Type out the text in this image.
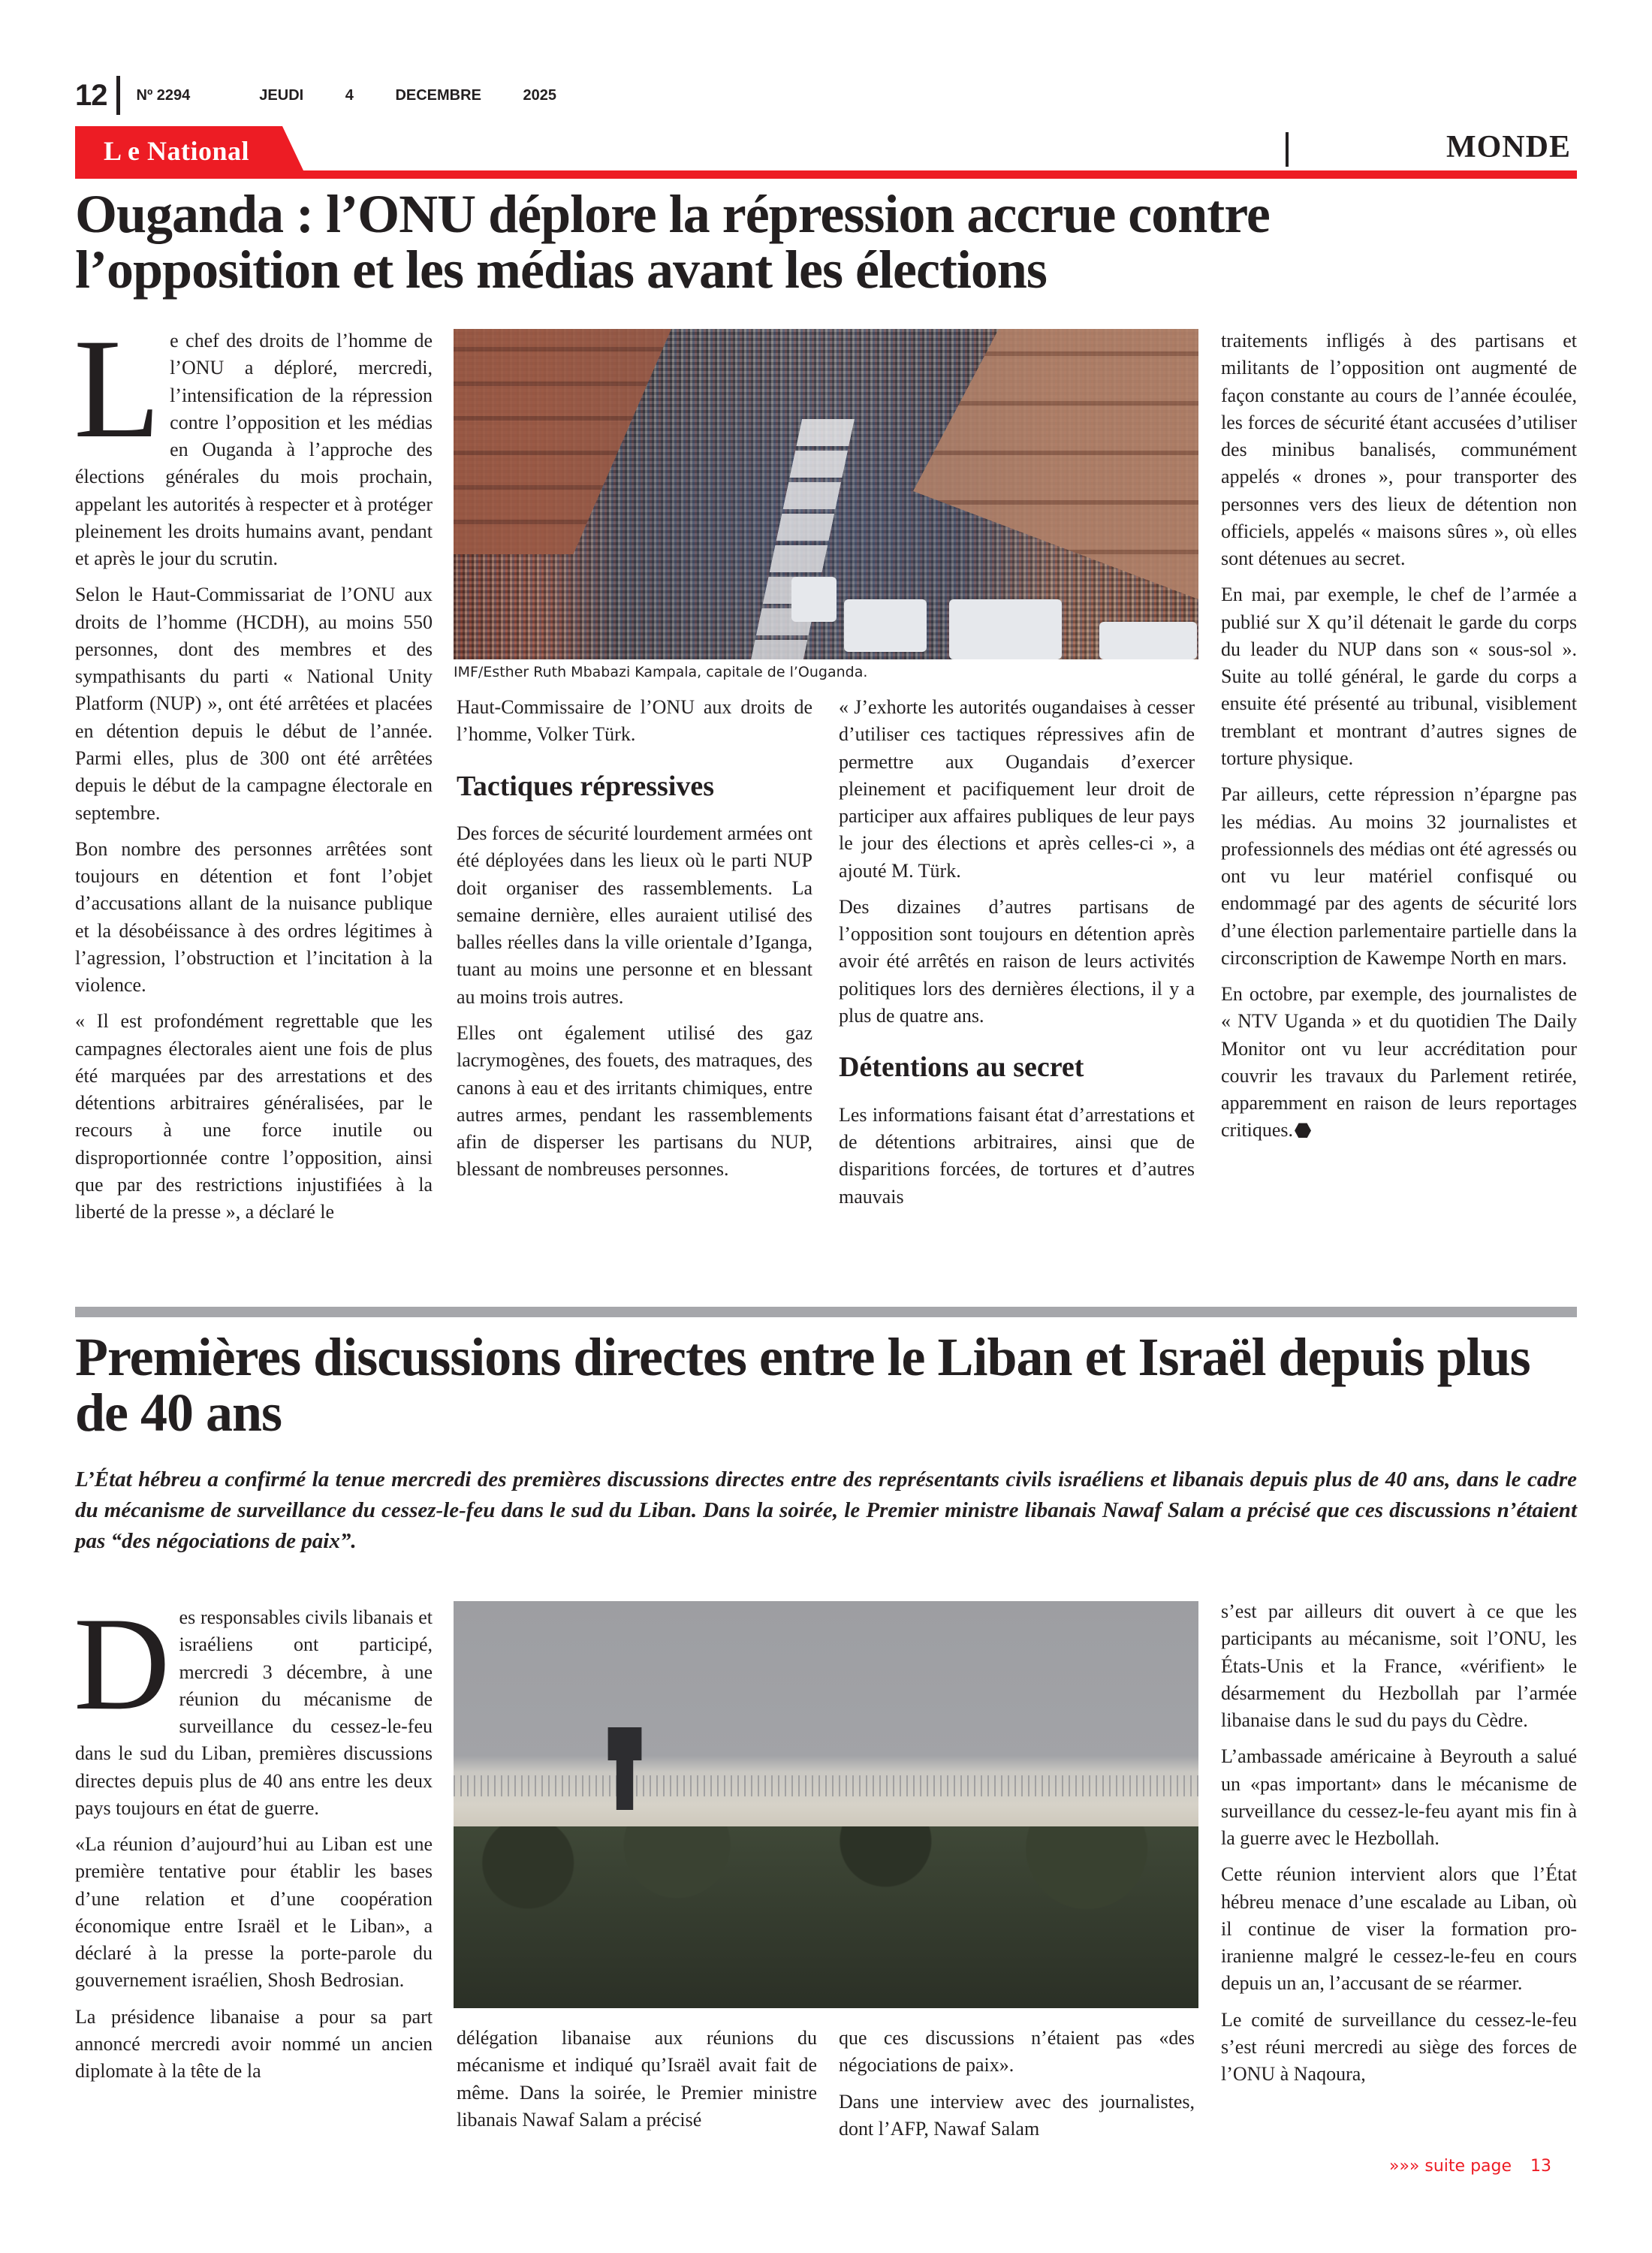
12 Nº 2294	JEUDI	4	DECEMBRE	2025
L e National	MONDE
Ouganda : l’ONU déplore la répression accrue contre l’opposition et les médias avant les élections

Le chef des droits de l’homme de l’ONU a déploré, mercredi, l’intensification de la répression contre l’opposition et les médias en Ouganda à l’approche des élections générales du mois prochain, appelant les autorités à respecter et à protéger pleinement les droits humains avant, pendant et après le jour du scrutin.

Selon le Haut-Commissariat de l’ONU aux droits de l’homme (HCDH), au moins 550 personnes, dont des membres et des sympathisants du parti « National Unity Platform (NUP) », ont été arrêtées et placées en détention depuis le début de l’année. Parmi elles, plus de 300 ont été arrêtées depuis le début de la campagne électorale en septembre.

Bon nombre des personnes arrêtées sont toujours en détention et font l’objet d’accusations allant de la nuisance publique et la désobéissance à des ordres légitimes à l’agression, l’obstruction et l’incitation à la violence.

« Il est profondément regrettable que les campagnes électorales aient une fois de plus été marquées par des arrestations et des détentions arbitraires généralisées, par le recours à une force inutile ou disproportionnée contre l’opposition, ainsi que par des restrictions injustifiées à la liberté de la presse », a déclaré le

IMF/Esther Ruth Mbabazi Kampala, capitale de l’Ouganda.

Haut-Commissaire de l’ONU aux droits de l’homme, Volker Türk.

Tactiques répressives

Des forces de sécurité lourdement armées ont été déployées dans les lieux où le parti NUP doit organiser des rassemblements. La semaine dernière, elles auraient utilisé des balles réelles dans la ville orientale d’Iganga, tuant au moins une personne et en blessant au moins trois autres.

Elles ont également utilisé des gaz lacrymogènes, des fouets, des matraques, des canons à eau et des irritants chimiques, entre autres armes, pendant les rassemblements afin de disperser les partisans du NUP, blessant de nombreuses personnes.

« J’exhorte les autorités ougandaises à cesser d’utiliser ces tactiques répressives afin de permettre aux Ougandais d’exercer pleinement et pacifiquement leur droit de participer aux affaires publiques de leur pays le jour des élections et après celles-ci », a ajouté M. Türk.

Des dizaines d’autres partisans de l’opposition sont toujours en détention après avoir été arrêtés en raison de leurs activités politiques lors des dernières élections, il y a plus de quatre ans.

Détentions au secret

Les informations faisant état d’arrestations et de détentions arbitraires, ainsi que de disparitions forcées, de tortures et d’autres mauvais

traitements infligés à des partisans et militants de l’opposition ont augmenté de façon constante au cours de l’année écoulée, les forces de sécurité étant accusées d’utiliser des minibus banalisés, communément appelés « drones », pour transporter des personnes vers des lieux de détention non officiels, appelés « maisons sûres », où elles sont détenues au secret.

En mai, par exemple, le chef de l’armée a publié sur X qu’il détenait le garde du corps du leader du NUP dans son « sous-sol ». Suite au tollé général, le garde du corps a ensuite été présenté au tribunal, visiblement tremblant et montrant d’autres signes de torture physique.

Par ailleurs, cette répression n’épargne pas les médias. Au moins 32 journalistes et professionnels des médias ont été agressés ou ont vu leur matériel confisqué ou endommagé par des agents de sécurité lors d’une élection parlementaire partielle dans la circonscription de Kawempe North en mars.

En octobre, par exemple, des journalistes de « NTV Uganda » et du quotidien The Daily Monitor ont vu leur accréditation pour couvrir les travaux du Parlement retirée, apparemment en raison de leurs reportages critiques.

Premières discussions directes entre le Liban et Israël depuis plus de 40 ans

L’État hébreu a confirmé la tenue mercredi des premières discussions directes entre des représentants civils israéliens et libanais depuis plus de 40 ans, dans le cadre du mécanisme de surveillance du cessez-le-feu dans le sud du Liban. Dans la soirée, le Premier ministre libanais Nawaf Salam a précisé que ces discussions n’étaient pas “des négociations de paix”.

Des responsables civils libanais et israéliens ont participé, mercredi 3 décembre, à une réunion du mécanisme de surveillance du cessez-le-feu dans le sud du Liban, premières discussions directes depuis plus de 40 ans entre les deux pays toujours en état de guerre.

«La réunion d’aujourd’hui au Liban est une première tentative pour établir les bases d’une relation et d’une coopération économique entre Israël et le Liban», a déclaré à la presse la porte-parole du gouvernement israélien, Shosh Bedrosian.

La présidence libanaise a pour sa part annoncé mercredi avoir nommé un ancien diplomate à la tête de la

délégation libanaise aux réunions du mécanisme et indiqué qu’Israël avait fait de même. Dans la soirée, le Premier ministre libanais Nawaf Salam a précisé

que ces discussions n’étaient pas «des négociations de paix».

Dans une interview avec des journalistes, dont l’AFP, Nawaf Salam

s’est par ailleurs dit ouvert à ce que les participants au mécanisme, soit l’ONU, les États-Unis et la France, «vérifient» le désarmement du Hezbollah par l’armée libanaise dans le sud du pays du Cèdre.

L’ambassade américaine à Beyrouth a salué un «pas important» dans le mécanisme de surveillance du cessez-le-feu ayant mis fin à la guerre avec le Hezbollah.

Cette réunion intervient alors que l’État hébreu menace d’une escalade au Liban, où il continue de viser la formation pro-iranienne malgré le cessez-le-feu en cours depuis un an, l’accusant de se réarmer.

Le comité de surveillance du cessez-le-feu s’est réuni mercredi au siège des forces de l’ONU à Naqoura,

»»» suite page 13
